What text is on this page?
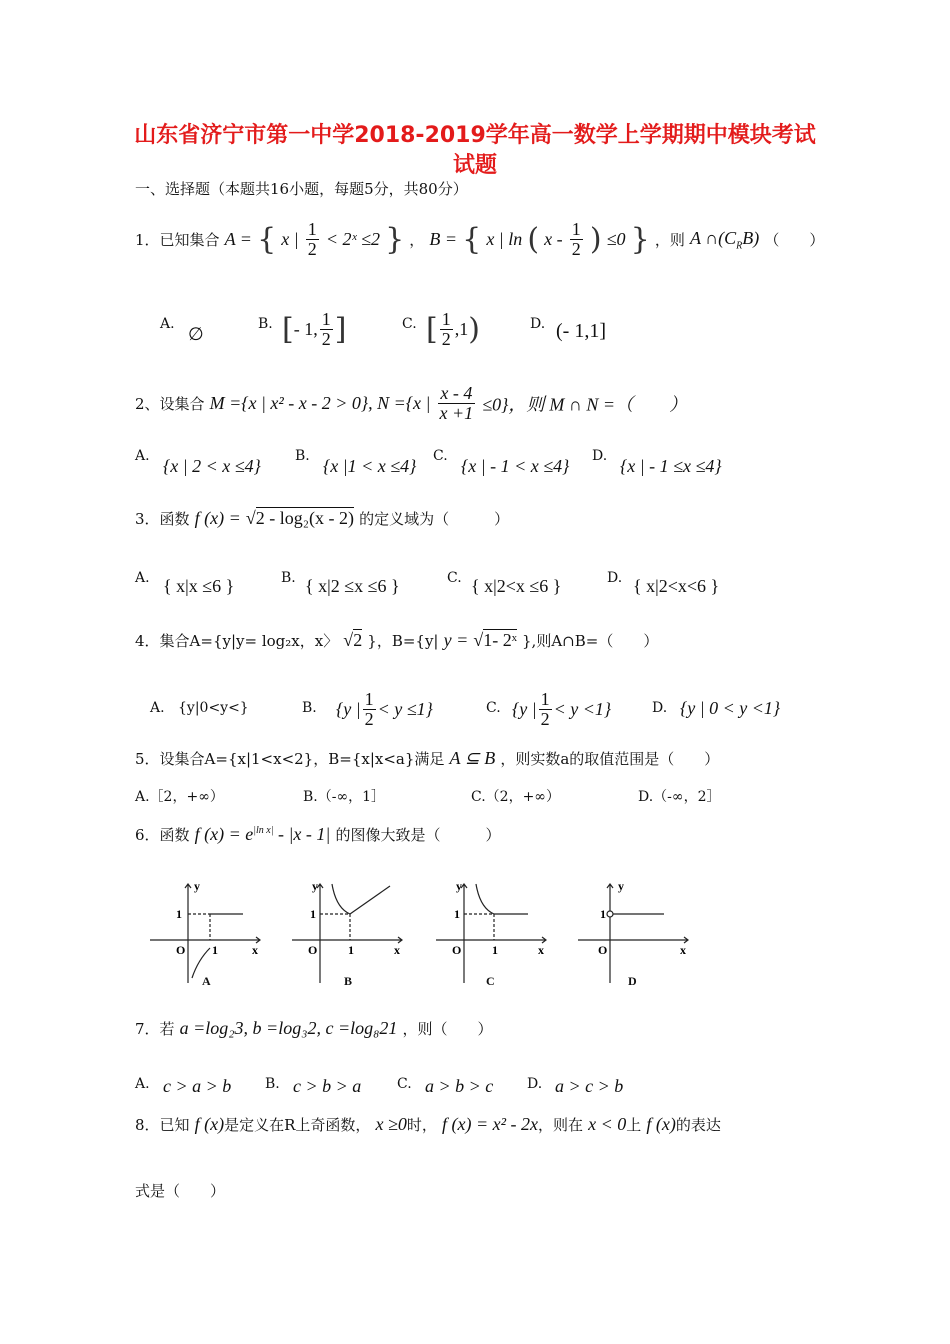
山东省济宁市第一中学2018-2019学年高一数学上学期期中模块考试
试题
一、选择题（本题共16小题，每题5分，共80分）
1．已知集合 A = { x | $\frac{1}{2}$ < 2ˣ ≤2 } ， B = { x | ln ( x - $\frac{1}{2}$ ) ≤0 } ，则 A $\cap(C_RB)$ （　　）
A. ∅	B. [- 1, $\frac{1}{2}$ ]	C. [ $\frac{1}{2} ,1$)	D. (- 1,1]
2、设集合 M ={x | x² - x - 2 > 0}, N ={x | $\frac{x - 4}{x +1} \le 0$}，则 M ∩ N =（　　）
A. {x | 2 < x ≤4} B. {x |1 < x ≤4} C. {x | - 1 < x ≤4} D. {x | - 1 ≤x ≤4}
3．函数 f (x) = √2 - log₂(x - 2) 的定义域为（　　　）
A. { x|x ≤6 }	B. { x|2 ≤x ≤6 }	C. { x|2<x ≤6 }	D. { x|2<x<6 }
4．集合A={y|y= log₂x，x〉 √2 }，B={y| y = √1- 2ˣ },则A∩B=（　　）
A. {y|0<y<}	B. {y | $\frac{1}{2} < y \le 1$}	C. {y | $\frac{1}{2} < y <1$}	D. {y | 0 < y <1}
5．设集合A={x|1<x<2}，B={x|x<a}满足 A ⊆ B ，则实数a的取值范围是（　　）
A.［2，+∞）	B.（-∞，1］	C.（2，+∞）	D.（-∞，2］
6．函数 f $(x) = e^{|ln x|} - |x - 1|$ 的图像大致是（　　　）
y
x
O 1
1
y
x
O	1
1
y
x
O	1
1
y
x
O
1
A	B	C	D
7．若 a =log₂3, b =log₃2, c =log₈21 ，则（　　）
A. c > a > b B. c > b > a	C. a > b > c D. a > c > b
8．已知 f (x)是定义在R上奇函数， x ≥0时， f (x) = x² - 2x，则在 x < 0上 f (x)的表达
式是（　　）
